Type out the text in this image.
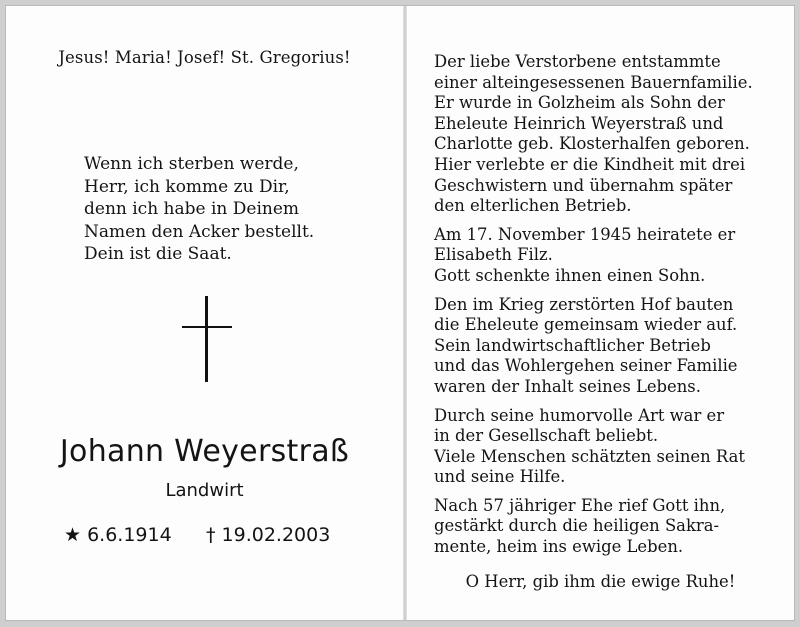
Jesus! Maria! Josef! St. Gregorius!
Wenn ich sterben werde,
Herr, ich komme zu Dir,
denn ich habe in Deinem
Namen den Acker bestellt.
Dein ist die Saat.
Johann Weyerstraß
Landwirt
★ 6.6.1914 † 19.02.2003
Der liebe Verstorbene entstammte
einer alteingesessenen Bauernfamilie.
Er wurde in Golzheim als Sohn der
Eheleute Heinrich Weyerstraß und
Charlotte geb. Klosterhalfen geboren.
Hier verlebte er die Kindheit mit drei
Geschwistern und übernahm später
den elterlichen Betrieb.
Am 17. November 1945 heiratete er
Elisabeth Filz.
Gott schenkte ihnen einen Sohn.
Den im Krieg zerstörten Hof bauten
die Eheleute gemeinsam wieder auf.
Sein landwirtschaftlicher Betrieb
und das Wohlergehen seiner Familie
waren der Inhalt seines Lebens.
Durch seine humorvolle Art war er
in der Gesellschaft beliebt.
Viele Menschen schätzten seinen Rat
und seine Hilfe.
Nach 57 jähriger Ehe rief Gott ihn,
gestärkt durch die heiligen Sakra-
mente, heim ins ewige Leben.
O Herr, gib ihm die ewige Ruhe!
